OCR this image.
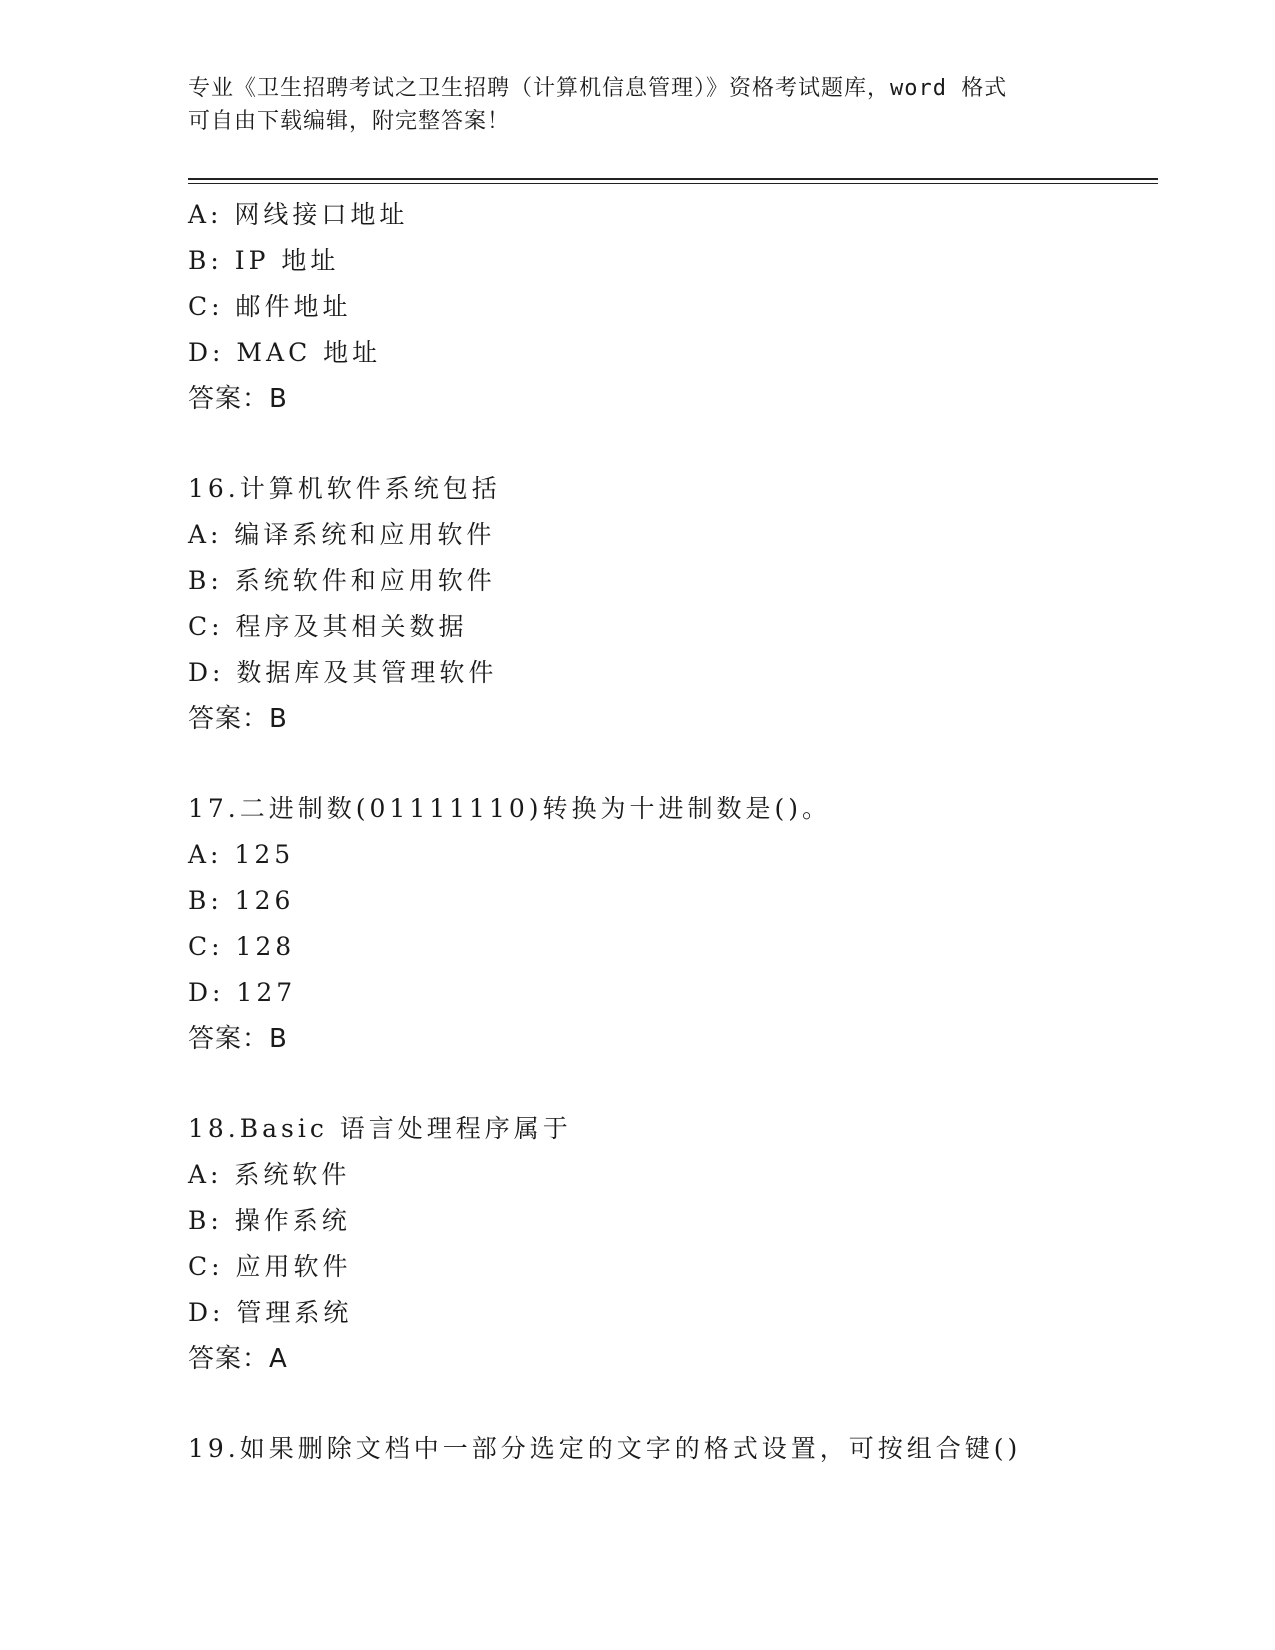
专业《卫生招聘考试之卫生招聘（计算机信息管理）》资格考试题库，word 格式
可自由下载编辑，附完整答案！
A: 网线接口地址
B: IP 地址
C: 邮件地址
D: MAC 地址
答案：B
16.计算机软件系统包括
A: 编译系统和应用软件
B: 系统软件和应用软件
C: 程序及其相关数据
D: 数据库及其管理软件
答案：B
17.二进制数(01111110)转换为十进制数是()。
A: 125
B: 126
C: 128
D: 127
答案：B
18.Basic 语言处理程序属于
A: 系统软件
B: 操作系统
C: 应用软件
D: 管理系统
答案：A
19.如果删除文档中一部分选定的文字的格式设置，可按组合键()
